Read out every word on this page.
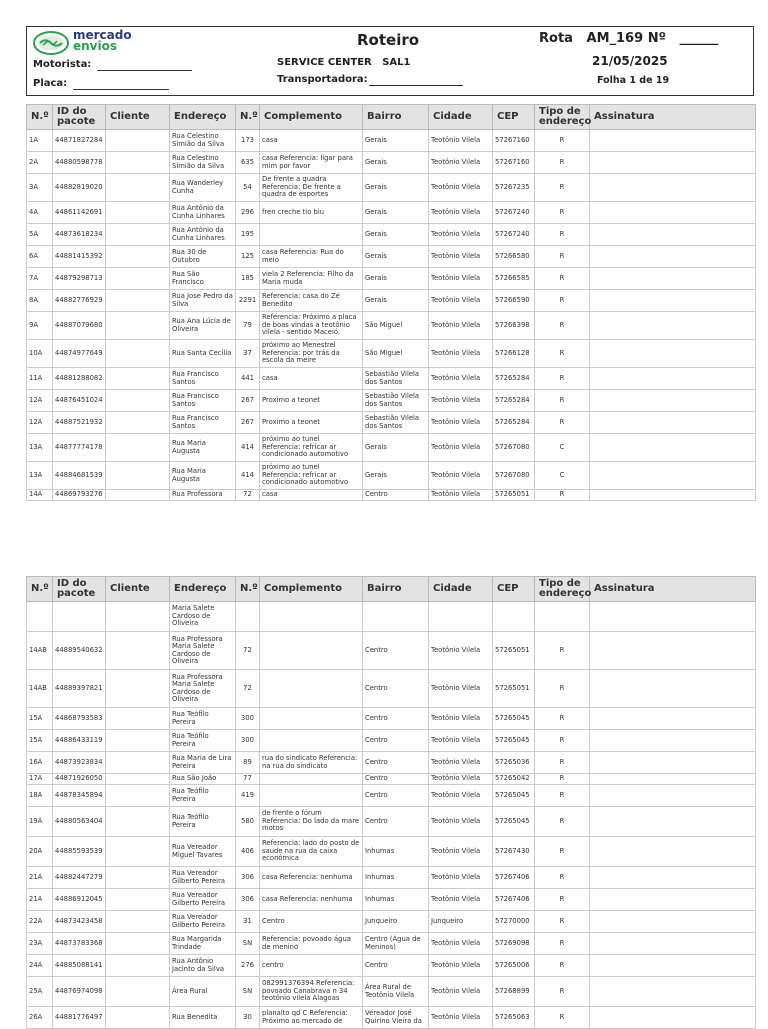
mercado
envios	Roteiro	Rota AM_169 Nº ______
21/05/2025
Folha 1 de 19
Motorista:
Placa:
SERVICE CENTER SAL1
Transportadora:
N.º	ID do pacote	Cliente	Endereço	N.º	Complemento	Bairro	Cidade	CEP	Tipo de endereço	Assinatura
1A	44871827284		Rua Celestino Simião da Silva	173	casa	Gerais	Teotônio Vilela	57267160	R	
2A	44880598778		Rua Celestino Simião da Silva	635	casa Referencia: ligar para mim por favor	Gerais	Teotônio Vilela	57267160	R	
3A	44882819020		Rua Wanderley Cunha	54	De frente a quadra Referencia: De frente a quadra de esportes	Gerais	Teotônio Vilela	57267235	R	
4A	44861142691		Rua Antônio da Cunha Linhares	296	fren creche tio biu	Gerais	Teotônio Vilela	57267240	R	
5A	44873618234		Rua Antônio da Cunha Linhares	195		Gerais	Teotônio Vilela	57267240	R	
6A	44881415392		Rua 30 de Outubro	125	casa Referencia: Rua do meio	Gerais	Teotônio Vilela	57266580	R	
7A	44879298713		Rua São Francisco	185	viela 2 Referencia: Filho da Maria muda	Gerais	Teotônio Vilela	57266585	R	
8A	44882776929		Rua Jose Pedro da Silva	2291	Referencia: casa do Zé Benedito	Gerais	Teotônio Vilela	57266590	R	
9A	44887079680		Rua Ana Lúcia de Oliveira	79	Referencia: Próximo a placa de boas vindas a teotônio vilela - sentido Maceió.	São Miguel	Teotônio Vilela	57266398	R	
10A	44874977649		Rua Santa Cecília	37	próximo ao Menestrel Referencia: por trás da escola da meire	São Miguel	Teotônio Vilela	57266128	R	
11A	44881288082		Rua Francisco Santos	441	casa	Sebastião Vilela dos Santos	Teotônio Vilela	57265284	R	
12A	44876451024		Rua Francisco Santos	267	Proximo a teonet	Sebastião Vilela dos Santos	Teotônio Vilela	57265284	R	
12A	44887521932		Rua Francisco Santos	267	Proximo a teonet	Sebastião Vilela dos Santos	Teotônio Vilela	57265284	R	
13A	44877774178		Rua Maria Augusta	414	próximo ao tunel Referencia: refricar ar condicionado automotivo	Gerais	Teotônio Vilela	57267080	C	
13A	44884681539		Rua Maria Augusta	414	próximo ao tunel Referencia: refricar ar condicionado automotivo	Gerais	Teotônio Vilela	57267080	C	
14A	44869793276		Rua Professora	72	casa	Centro	Teotônio Vilela	57265051	R	
N.º	ID do pacote	Cliente	Endereço	N.º	Complemento	Bairro	Cidade	CEP	Tipo de endereço	Assinatura
			Maria Salete Cardoso de Oliveira							
14AB	44889540632		Rua Professora Maria Salete Cardoso de Oliveira	72		Centro	Teotônio Vilela	57265051	R	
14AB	44889397821		Rua Professora Maria Salete Cardoso de Oliveira	72		Centro	Teotônio Vilela	57265051	R	
15A	44868793583		Rua Teófilo Pereira	300		Centro	Teotônio Vilela	57265045	R	
15A	44886433119		Rua Teófilo Pereira	300		Centro	Teotônio Vilela	57265045	R	
16A	44873923834		Rua Maria de Lira Pereira	89	rua do sindicato Referencia: na rua do sindicato	Centro	Teotônio Vilela	57265036	R	
17A	44871926050		Rua São João	77		Centro	Teotônio Vilela	57265042	R	
18A	44878345894		Rua Teófilo Pereira	419		Centro	Teotônio Vilela	57265045	R	
19A	44880563404		Rua Teófilo Pereira	580	de frente o fórum Referencia: Do lado da mare motos	Centro	Teotônio Vilela	57265045	R	
20A	44885593539		Rua Vereador Miguel Tavares	406	Referencia: lado do posto de saude na rua da caixa econômica	Inhumas	Teotônio Vilela	57267430	R	
21A	44882447279		Rua Vereador Gilberto Pereira	306	casa Referencia: nenhuma	Inhumas	Teotônio Vilela	57267406	R	
21A	44886912045		Rua Vereador Gilberto Pereira	306	casa Referencia: nenhuma	Inhumas	Teotônio Vilela	57267406	R	
22A	44873423458		Rua Vereador Gilberto Pereira	31	Centro	Junqueiro	Junqueiro	57270000	R	
23A	44873783368		Rua Margarida Trindade	SN	Referencia: povoado água de menino	Centro (Água de Meninos)	Teotônio Vilela	57269098	R	
24A	44885088141		Rua Antônio Jacinto da Silva	276	centro	Centro	Teotônio Vilela	57265006	R	
25A	44876974098		Área Rural	SN	082991376394 Referencia: povoado Canabrava n 34 teotônio vilela Alagoas	Área Rural de Teotônio Vilela	Teotônio Vilela	57268899	R	
26A	44881776497		Rua Benedita	30	planalto qd C Referencia: Próximo ao mercado de	Vereador José Quirino Vieira da	Teotônio Vilela	57265063	R	
